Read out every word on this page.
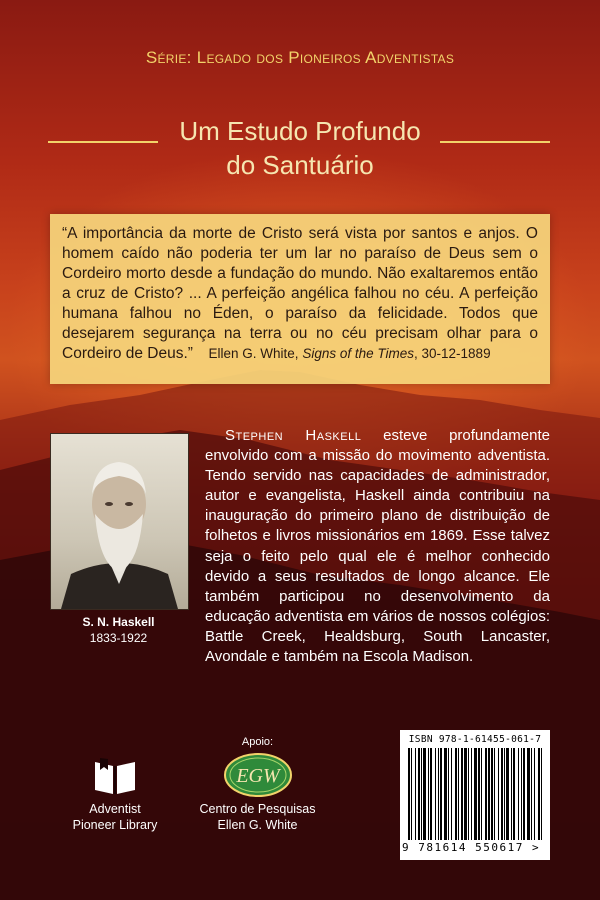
Série: Legado dos Pioneiros Adventistas
Um Estudo Profundo
do Santuário
“A importância da morte de Cristo será vista por santos e anjos. O homem caído não poderia ter um lar no paraíso de Deus sem o Cordeiro morto desde a fundação do mundo. Não exaltaremos então a cruz de Cristo? ... A perfeição angélica falhou no céu. A perfeição humana falhou no Éden, o paraíso da felicidade. Todos que desejarem segurança na terra ou no céu precisam olhar para o Cordeiro de Deus.” Ellen G. White, Signs of the Times, 30-12-1889
S. N. Haskell
1833-1922
Stephen Haskell esteve profundamente envolvido com a missão do movimento adventista. Tendo servido nas capacidades de administrador, autor e evangelista, Haskell ainda contribuiu na inauguração do primeiro plano de distribuição de folhetos e livros missionários em 1869. Esse talvez seja o feito pelo qual ele é melhor conhecido devido a seus resultados de longo alcance. Ele também participou no desenvolvimento da educação adventista em vários de nossos colégios: Battle Creek, Healdsburg, South Lancaster, Avondale e também na Escola Madison.
Apoio:
Adventist
Pioneer Library
EGW
Centro de Pesquisas
Ellen G. White
ISBN 978-1-61455-061-7
9 781614 550617 >
